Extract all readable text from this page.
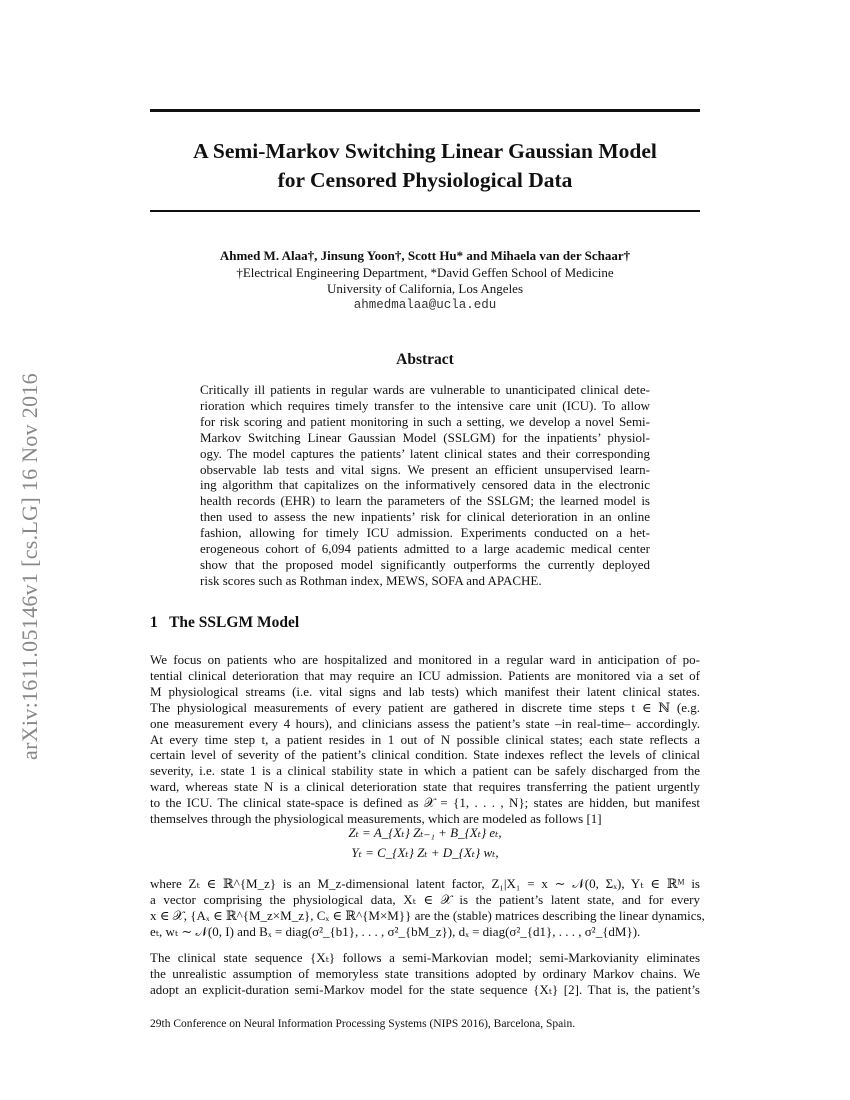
arXiv:1611.05146v1 [cs.LG] 16 Nov 2016
A Semi-Markov Switching Linear Gaussian Model
for Censored Physiological Data
Ahmed M. Alaa†, Jinsung Yoon†, Scott Hu* and Mihaela van der Schaar†
†Electrical Engineering Department, *David Geffen School of Medicine
University of California, Los Angeles
ahmedmalaa@ucla.edu
Abstract
Critically ill patients in regular wards are vulnerable to unanticipated clinical dete-
rioration which requires timely transfer to the intensive care unit (ICU). To allow
for risk scoring and patient monitoring in such a setting, we develop a novel Semi-
Markov Switching Linear Gaussian Model (SSLGM) for the inpatients’ physiol-
ogy. The model captures the patients’ latent clinical states and their corresponding
observable lab tests and vital signs. We present an efficient unsupervised learn-
ing algorithm that capitalizes on the informatively censored data in the electronic
health records (EHR) to learn the parameters of the SSLGM; the learned model is
then used to assess the new inpatients’ risk for clinical deterioration in an online
fashion, allowing for timely ICU admission. Experiments conducted on a het-
erogeneous cohort of 6,094 patients admitted to a large academic medical center
show that the proposed model significantly outperforms the currently deployed
risk scores such as Rothman index, MEWS, SOFA and APACHE.
1   The SSLGM Model
We focus on patients who are hospitalized and monitored in a regular ward in anticipation of po-
tential clinical deterioration that may require an ICU admission. Patients are monitored via a set of
M physiological streams (i.e. vital signs and lab tests) which manifest their latent clinical states.
The physiological measurements of every patient are gathered in discrete time steps t ∈ ℕ (e.g.
one measurement every 4 hours), and clinicians assess the patient’s state –in real-time– accordingly.
At every time step t, a patient resides in 1 out of N possible clinical states; each state reflects a
certain level of severity of the patient’s clinical condition. State indexes reflect the levels of clinical
severity, i.e. state 1 is a clinical stability state in which a patient can be safely discharged from the
ward, whereas state N is a clinical deterioration state that requires transferring the patient urgently
to the ICU. The clinical state-space is defined as 𝒳 = {1, . . . , N}; states are hidden, but manifest
themselves through the physiological measurements, which are modeled as follows [1]
Zₜ = A_{Xₜ} Zₜ₋₁ + B_{Xₜ} eₜ,
Yₜ = C_{Xₜ} Zₜ + D_{Xₜ} wₜ,
where Zₜ ∈ ℝ^{M_z} is an M_z-dimensional latent factor, Z₁|X₁ = x ∼ 𝒩(0, Σₓ), Yₜ ∈ ℝᴹ is
a vector comprising the physiological data, Xₜ ∈ 𝒳 is the patient’s latent state, and for every
x ∈ 𝒳, {Aₓ ∈ ℝ^{M_z×M_z}, Cₓ ∈ ℝ^{M×M}} are the (stable) matrices describing the linear dynamics,
eₜ, wₜ ∼ 𝒩(0, I) and Bₓ = diag(σ²_{b1}, . . . , σ²_{bM_z}), dₓ = diag(σ²_{d1}, . . . , σ²_{dM}).
The clinical state sequence {Xₜ} follows a semi-Markovian model; semi-Markovianity eliminates
the unrealistic assumption of memoryless state transitions adopted by ordinary Markov chains. We
adopt an explicit-duration semi-Markov model for the state sequence {Xₜ} [2]. That is, the patient’s
29th Conference on Neural Information Processing Systems (NIPS 2016), Barcelona, Spain.
